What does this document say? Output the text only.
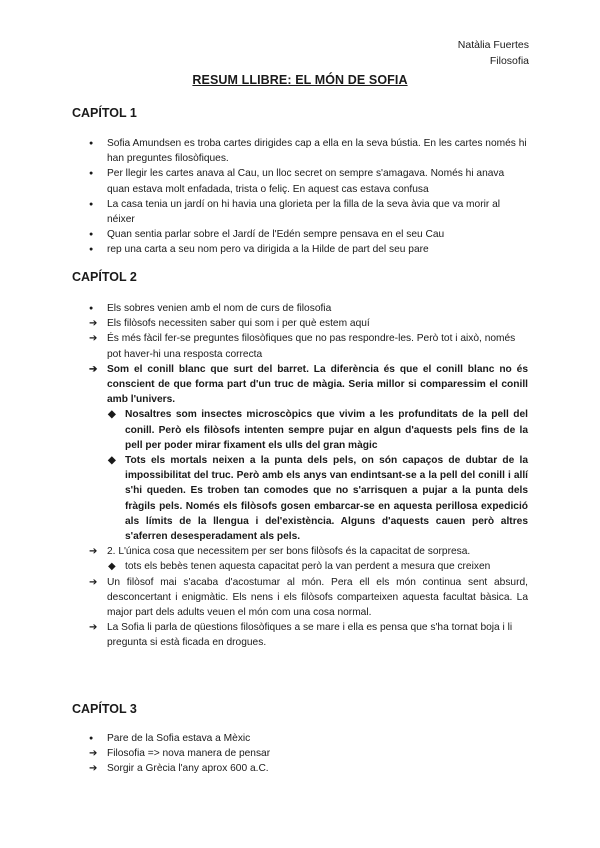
Natàlia Fuertes
Filosofia
RESUM LLIBRE: EL MÓN DE SOFIA
CAPÍTOL 1
●
Sofia Amundsen es troba cartes dirigides cap a ella en la seva bústia. En les cartes només hi han preguntes filosòfiques.
●
Per llegir les cartes anava al Cau, un lloc secret on sempre s'amagava. Només hi anava quan estava molt enfadada, trista o feliç. En aquest cas estava confusa
●
La casa tenia un jardí on hi havia una glorieta per la filla de la seva àvia que va morir al néixer
●
Quan sentia parlar sobre el Jardí de l'Edén sempre pensava en el seu Cau
●
rep una carta a seu nom pero va dirigida a la Hilde de part del seu pare
CAPÍTOL 2
●
Els sobres venien amb el nom de curs de filosofia
➔
Els filòsofs necessiten saber qui som i per què estem aquí
➔
És més fàcil fer-se preguntes filosòfiques que no pas respondre-les. Però tot i això, només pot haver-hi una resposta correcta
➔
Som el conill blanc que surt del barret. La diferència és que el conill blanc no és conscient de que forma part d'un truc de màgia. Seria millor si comparessim el conill amb l'univers.
◆
Nosaltres som insectes microscòpics que vivim a les profunditats de la pell del conill. Però els filòsofs intenten sempre pujar en algun d'aquests pels fins de la pell per poder mirar fixament els ulls del gran màgic
◆
Tots els mortals neixen a la punta dels pels, on són capaços de dubtar de la impossibilitat del truc. Però amb els anys van endintsant-se a la pell del conill i allí s'hi queden. Es troben tan comodes que no s'arrisquen a pujar a la punta dels fràgils pels. Només els filòsofs gosen embarcar-se en aquesta perillosa expedició als límits de la llengua i del'existència. Alguns d'aquests cauen però altres s'aferren desesperadament als pels.
➔
2. L'única cosa que necessitem per ser bons filòsofs és la capacitat de sorpresa.
◆
tots els bebès tenen aquesta capacitat però la van perdent a mesura que creixen
➔
Un filòsof mai s'acaba d'acostumar al món. Pera ell els món continua sent absurd, desconcertant i enigmàtic. Els nens i els filòsofs comparteixen aquesta facultat bàsica. La major part dels adults veuen el món com una cosa normal.
➔
La Sofia li parla de qüestions filosòfiques a se mare i ella es pensa que s'ha tornat boja i li pregunta si està ficada en drogues.
CAPÍTOL 3
●
Pare de la Sofia estava a Mèxic
➔
Filosofia => nova manera de pensar
➔
Sorgir a Grècia l'any aprox 600 a.C.
